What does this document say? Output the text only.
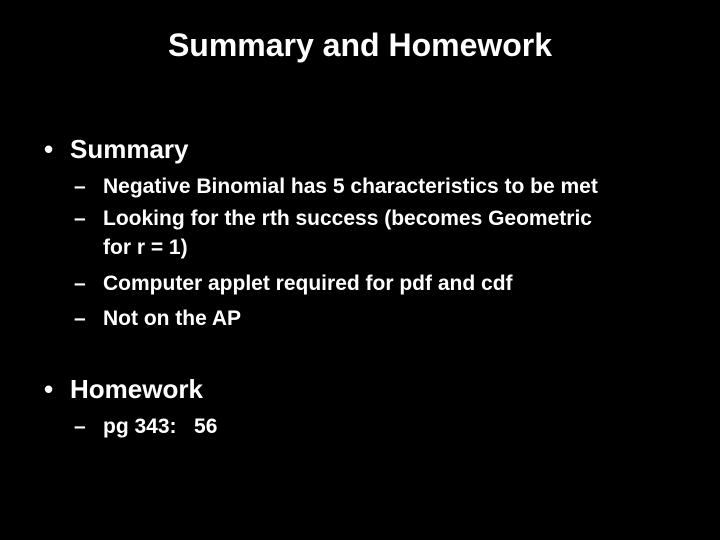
Summary and Homework
• Summary
– Negative Binomial has 5 characteristics to be met
– Looking for the rth success (becomes Geometric
for r = 1)
– Computer applet required for pdf and cdf
– Not on the AP
• Homework
– pg 343:   56
